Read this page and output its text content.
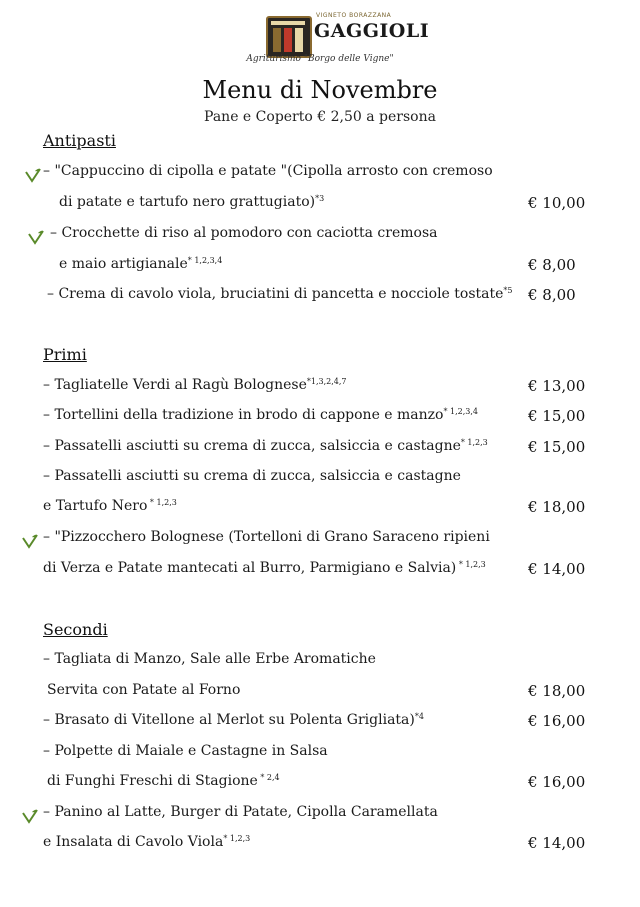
VIGNETO BORAZZANA
GAGGIOLI
Agriturismo "Borgo delle Vigne"
Menu di Novembre
Pane e Coperto € 2,50 a persona
Antipasti
– "Cappuccino di cipolla e patate "(Cipolla arrosto con cremoso
di patate e tartufo nero grattugiato)$^{*3}$	€ 10,00
– Crocchette di riso al pomodoro con caciotta cremosa
e maio artigianale$^{* 1,2,3,4}$	€ 8,00
– Crema di cavolo viola, bruciatini di pancetta e nocciole tostate$^{*5}$ € 8,00
Primi
– Tagliatelle Verdi al Ragù Bolognese$^{*1,3,2,4,7}$	€ 13,00
– Tortellini della tradizione in brodo di cappone e manzo$^{* 1,2,3,4}$	€ 15,00
– Passatelli asciutti su crema di zucca, salsiccia e castagne$^{* 1,2,3}$	€ 15,00
– Passatelli asciutti su crema di zucca, salsiccia e castagne
e Tartufo Nero $^{* 1,2,3}$	€ 18,00
– "Pizzocchero Bolognese (Tortelloni di Grano Saraceno ripieni
di Verza e Patate mantecati al Burro, Parmigiano e Salvia) $^{* 1,2,3}$	€ 14,00
Secondi
– Tagliata di Manzo, Sale alle Erbe Aromatiche
Servita con Patate al Forno	€ 18,00
– Brasato di Vitellone al Merlot su Polenta Grigliata)$^{*4}$	€ 16,00
– Polpette di Maiale e Castagne in Salsa
di Funghi Freschi di Stagione $^{* 2,4}$	€ 16,00
– Panino al Latte, Burger di Patate, Cipolla Caramellata
e Insalata di Cavolo Viola$^{* 1,2,3}$	€ 14,00
